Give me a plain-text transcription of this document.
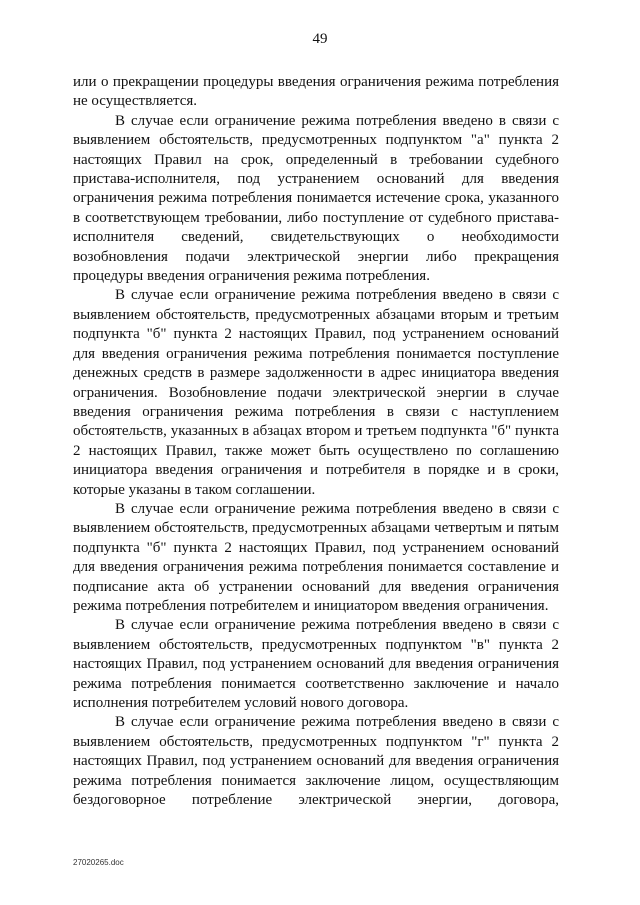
49

или о прекращении процедуры введения ограничения режима потребления не осуществляется.

В случае если ограничение режима потребления введено в связи с выявлением обстоятельств, предусмотренных подпунктом "а" пункта 2 настоящих Правил на срок, определенный в требовании судебного пристава-исполнителя, под устранением оснований для введения ограничения режима потребления понимается истечение срока, указанного в соответствующем требовании, либо поступление от судебного пристава-исполнителя сведений, свидетельствующих о необходимости возобновления подачи электрической энергии либо прекращения процедуры введения ограничения режима потребления.

В случае если ограничение режима потребления введено в связи с выявлением обстоятельств, предусмотренных абзацами вторым и третьим подпункта "б" пункта 2 настоящих Правил, под устранением оснований для введения ограничения режима потребления понимается поступление денежных средств в размере задолженности в адрес инициатора введения ограничения. Возобновление подачи электрической энергии в случае введения ограничения режима потребления в связи с наступлением обстоятельств, указанных в абзацах втором и третьем подпункта "б" пункта 2 настоящих Правил, также может быть осуществлено по соглашению инициатора введения ограничения и потребителя в порядке и в сроки, которые указаны в таком соглашении.

В случае если ограничение режима потребления введено в связи с выявлением обстоятельств, предусмотренных абзацами четвертым и пятым подпункта "б" пункта 2 настоящих Правил, под устранением оснований для введения ограничения режима потребления понимается составление и подписание акта об устранении оснований для введения ограничения режима потребления потребителем и инициатором введения ограничения.

В случае если ограничение режима потребления введено в связи с выявлением обстоятельств, предусмотренных подпунктом "в" пункта 2 настоящих Правил, под устранением оснований для введения ограничения режима потребления понимается соответственно заключение и начало исполнения потребителем условий нового договора.

В случае если ограничение режима потребления введено в связи с выявлением обстоятельств, предусмотренных подпунктом "г" пункта 2 настоящих Правил, под устранением оснований для введения ограничения режима потребления понимается заключение лицом, осуществляющим бездоговорное потребление электрической энергии, договора,

27020265.doc
